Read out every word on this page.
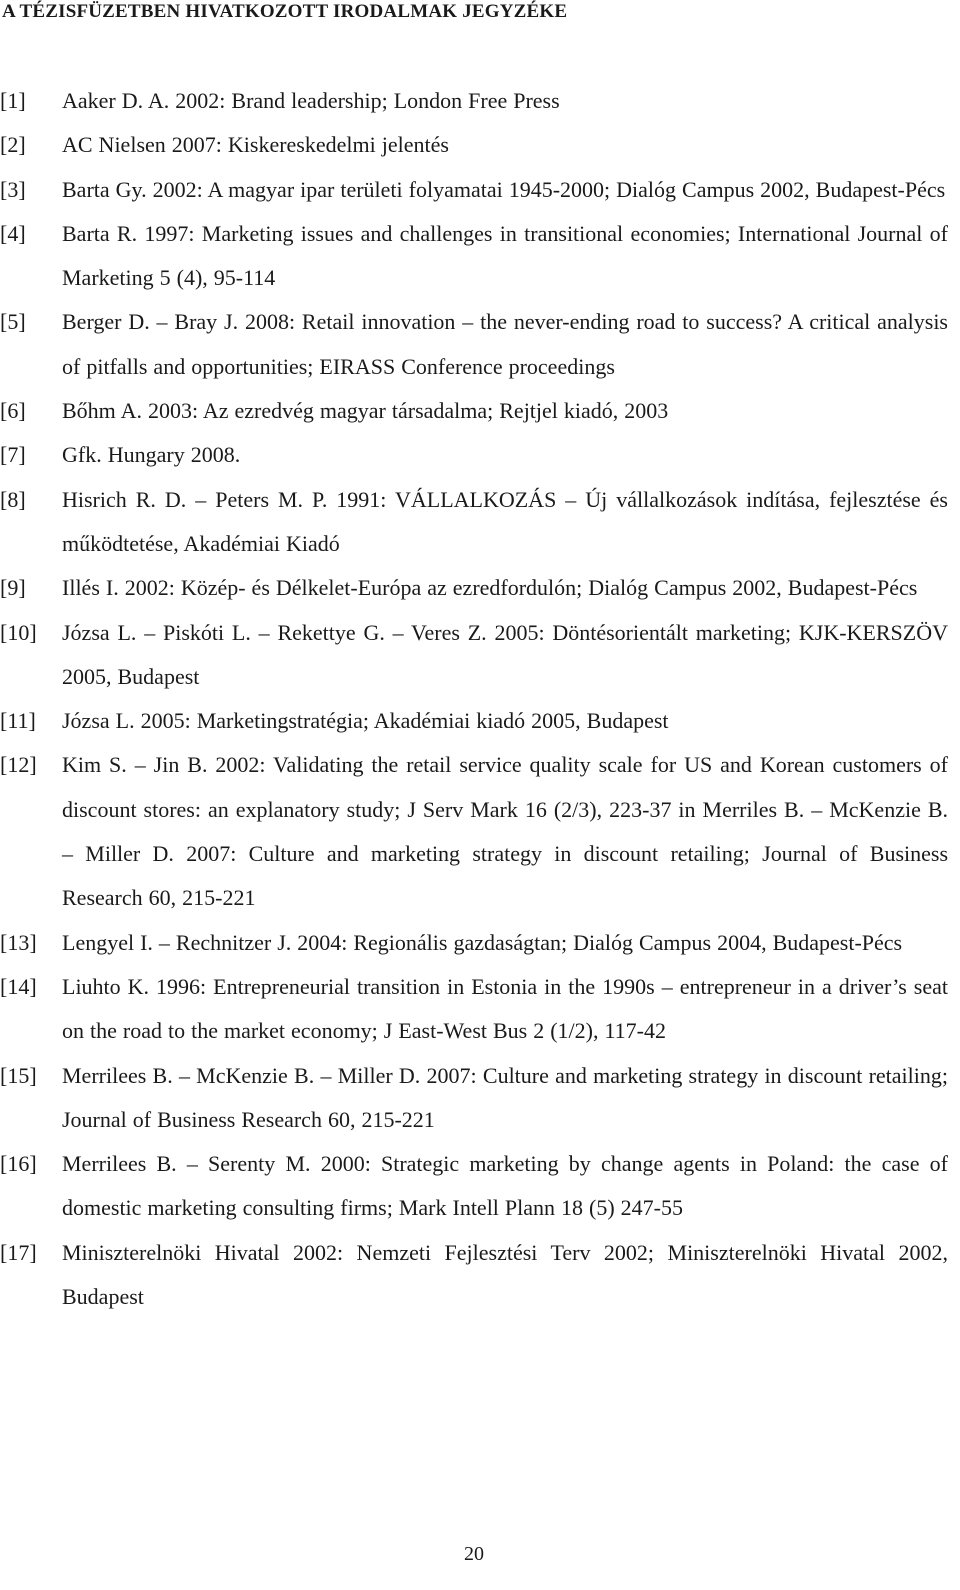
A TÉZISFÜZETBEN HIVATKOZOTT IRODALMAK JEGYZÉKE
[1]	Aaker D. A. 2002: Brand leadership; London Free Press
[2]	AC Nielsen 2007: Kiskereskedelmi jelentés
[3]	Barta Gy. 2002: A magyar ipar területi folyamatai 1945-2000; Dialóg Campus 2002, Budapest-Pécs
[4]	Barta R. 1997: Marketing issues and challenges in transitional economies; International Journal of Marketing 5 (4), 95-114
[5]	Berger D. – Bray J. 2008: Retail innovation – the never-ending road to success? A critical analysis of pitfalls and opportunities; EIRASS Conference proceedings
[6]	Bőhm A. 2003: Az ezredvég magyar társadalma; Rejtjel kiadó, 2003
[7]	Gfk. Hungary 2008.
[8]	Hisrich R. D. – Peters M. P. 1991: VÁLLALKOZÁS – Új vállalkozások indítása, fejlesztése és működtetése, Akadémiai Kiadó
[9]	Illés I. 2002: Közép- és Délkelet-Európa az ezredfordulón; Dialóg Campus 2002, Budapest-Pécs
[10]	Józsa L. – Piskóti L. – Rekettye G. – Veres Z. 2005: Döntésorientált marketing; KJK-KERSZÖV 2005, Budapest
[11]	Józsa L. 2005: Marketingstratégia; Akadémiai kiadó 2005, Budapest
[12]	Kim S. – Jin B. 2002: Validating the retail service quality scale for US and Korean customers of discount stores: an explanatory study; J Serv Mark 16 (2/3), 223-37 in Merriles B. – McKenzie B. – Miller D. 2007: Culture and marketing strategy in discount retailing; Journal of Business Research 60, 215-221
[13]	Lengyel I. – Rechnitzer J. 2004: Regionális gazdaságtan; Dialóg Campus 2004, Budapest-Pécs
[14]	Liuhto K. 1996: Entrepreneurial transition in Estonia in the 1990s – entrepreneur in a driver’s seat on the road to the market economy; J East-West Bus 2 (1/2), 117-42
[15]	Merrilees B. – McKenzie B. – Miller D. 2007: Culture and marketing strategy in discount retailing; Journal of Business Research 60, 215-221
[16]	Merrilees B. – Serenty M. 2000: Strategic marketing by change agents in Poland: the case of domestic marketing consulting firms; Mark Intell Plann 18 (5) 247-55
[17]	Miniszterelnöki Hivatal 2002: Nemzeti Fejlesztési Terv 2002; Miniszterelnöki Hivatal 2002, Budapest
20
